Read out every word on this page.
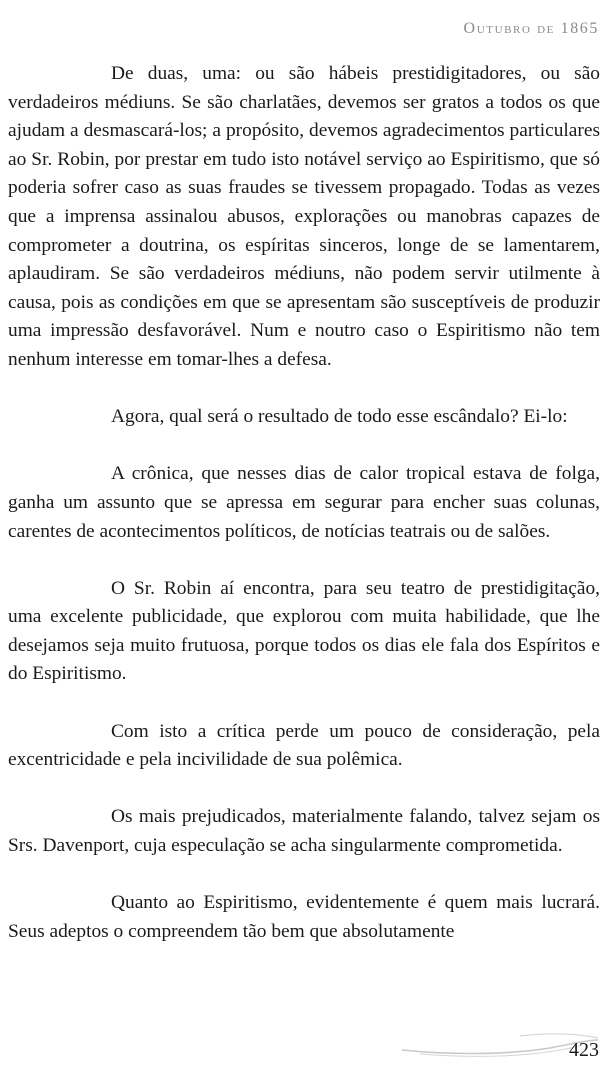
Outubro de 1865

De duas, uma: ou são hábeis prestidigitadores, ou são verdadeiros médiuns. Se são charlatães, devemos ser gratos a todos os que ajudam a desmascará-los; a propósito, devemos agradecimentos particulares ao Sr. Robin, por prestar em tudo isto notável serviço ao Espiritismo, que só poderia sofrer caso as suas fraudes se tivessem propagado. Todas as vezes que a imprensa assinalou abusos, explorações ou manobras capazes de comprometer a doutrina, os espíritas sinceros, longe de se lamentarem, aplaudiram. Se são verdadeiros médiuns, não podem servir utilmente à causa, pois as condições em que se apresentam são susceptíveis de produzir uma impressão desfavorável. Num e noutro caso o Espiritismo não tem nenhum interesse em tomar-lhes a defesa.

Agora, qual será o resultado de todo esse escândalo? Ei-lo:

A crônica, que nesses dias de calor tropical estava de folga, ganha um assunto que se apressa em segurar para encher suas colunas, carentes de acontecimentos políticos, de notícias teatrais ou de salões.

O Sr. Robin aí encontra, para seu teatro de prestidigitação, uma excelente publicidade, que explorou com muita habilidade, que lhe desejamos seja muito frutuosa, porque todos os dias ele fala dos Espíritos e do Espiritismo.

Com isto a crítica perde um pouco de consideração, pela excentricidade e pela incivilidade de sua polêmica.

Os mais prejudicados, materialmente falando, talvez sejam os Srs. Davenport, cuja especulação se acha singularmente comprometida.

Quanto ao Espiritismo, evidentemente é quem mais lucrará. Seus adeptos o compreendem tão bem que absolutamente

423
